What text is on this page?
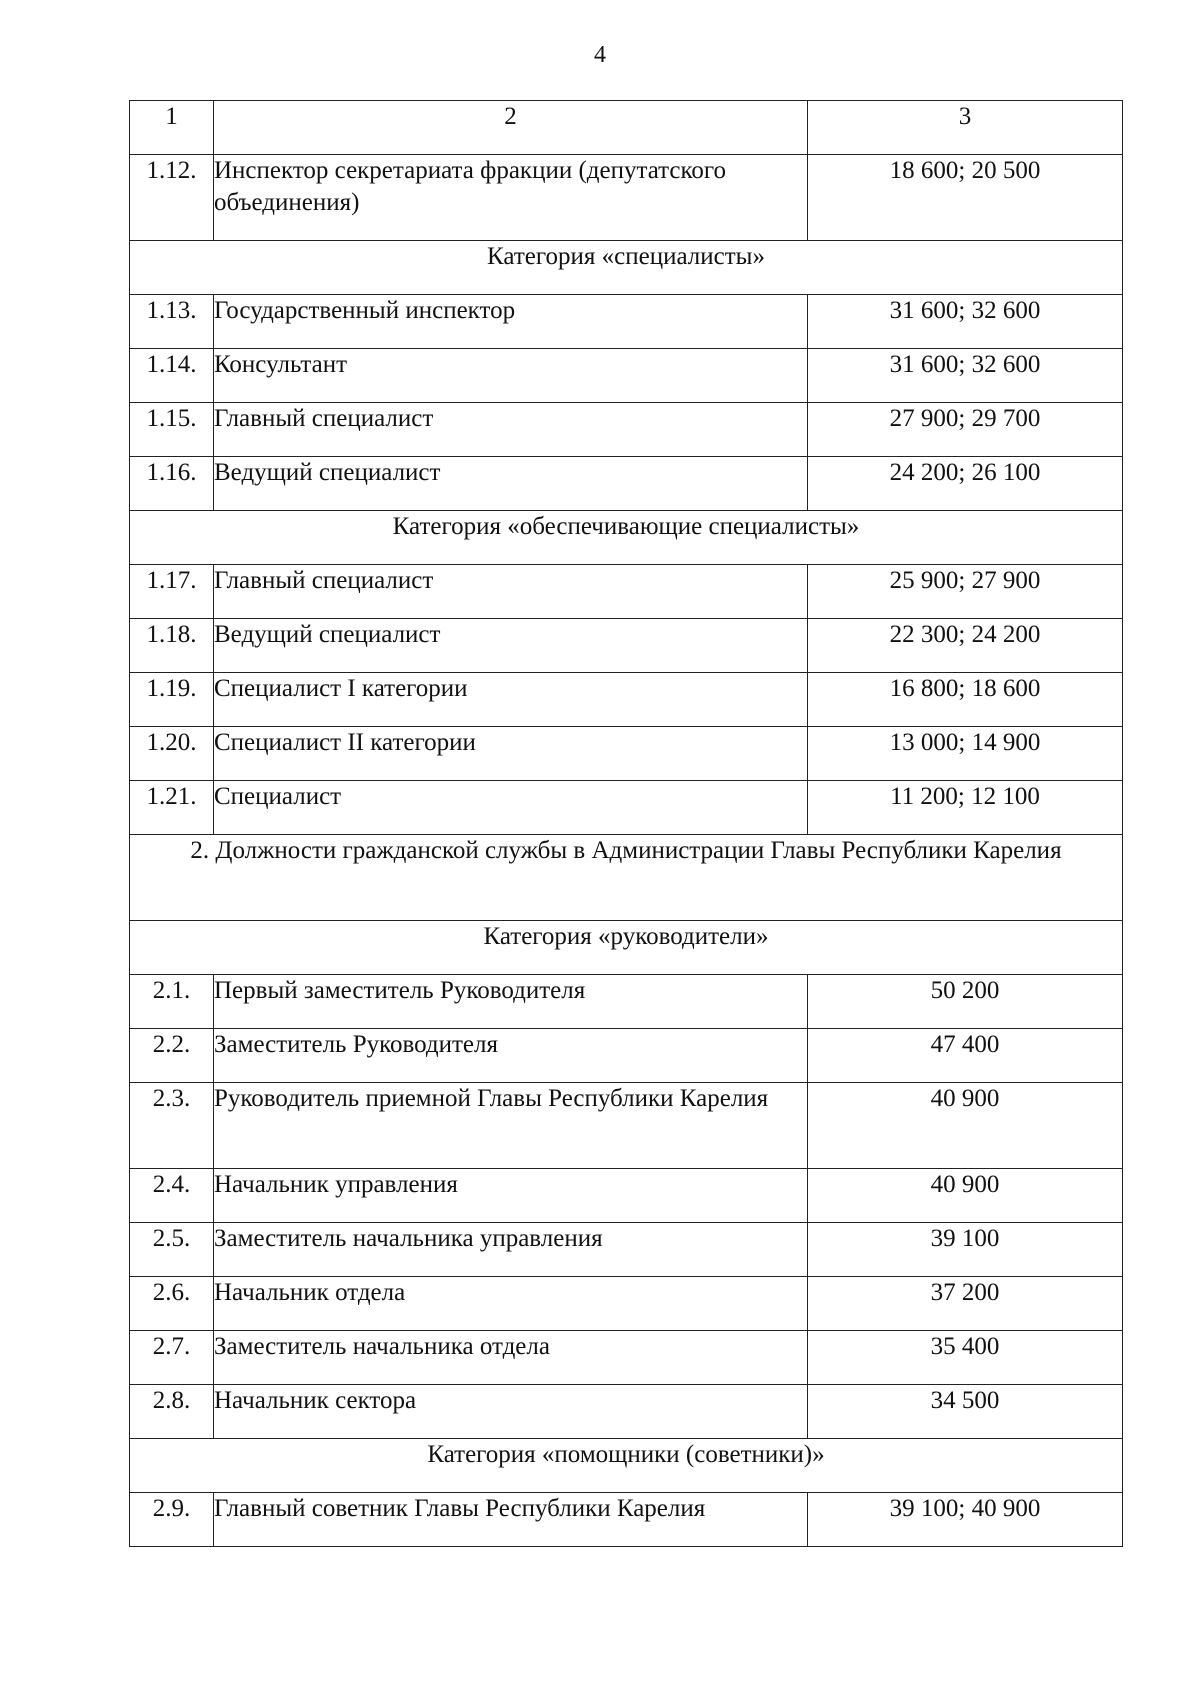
4
1	2	3
1.12.	Инспектор секретариата фракции (депутатского объединения)	18 600; 20 500
Категория «специалисты»		
1.13.	Государственный инспектор	31 600; 32 600
1.14.	Консультант	31 600; 32 600
1.15.	Главный специалист	27 900; 29 700
1.16.	Ведущий специалист	24 200; 26 100
Категория «обеспечивающие специалисты»		
1.17.	Главный специалист	25 900; 27 900
1.18.	Ведущий специалист	22 300; 24 200
1.19.	Специалист I категории	16 800; 18 600
1.20.	Специалист II категории	13 000; 14 900
1.21.	Специалист	11 200; 12 100
2. Должности гражданской службы в Администрации Главы Республики Карелия		
Категория «руководители»		
2.1.	Первый заместитель Руководителя	50 200
2.2.	Заместитель Руководителя	47 400
2.3.	Руководитель приемной Главы Республики Карелия	40 900
2.4.	Начальник управления	40 900
2.5.	Заместитель начальника управления	39 100
2.6.	Начальник отдела	37 200
2.7.	Заместитель начальника отдела	35 400
2.8.	Начальник сектора	34 500
Категория «помощники (советники)»		
2.9.	Главный советник Главы Республики Карелия	39 100; 40 900
